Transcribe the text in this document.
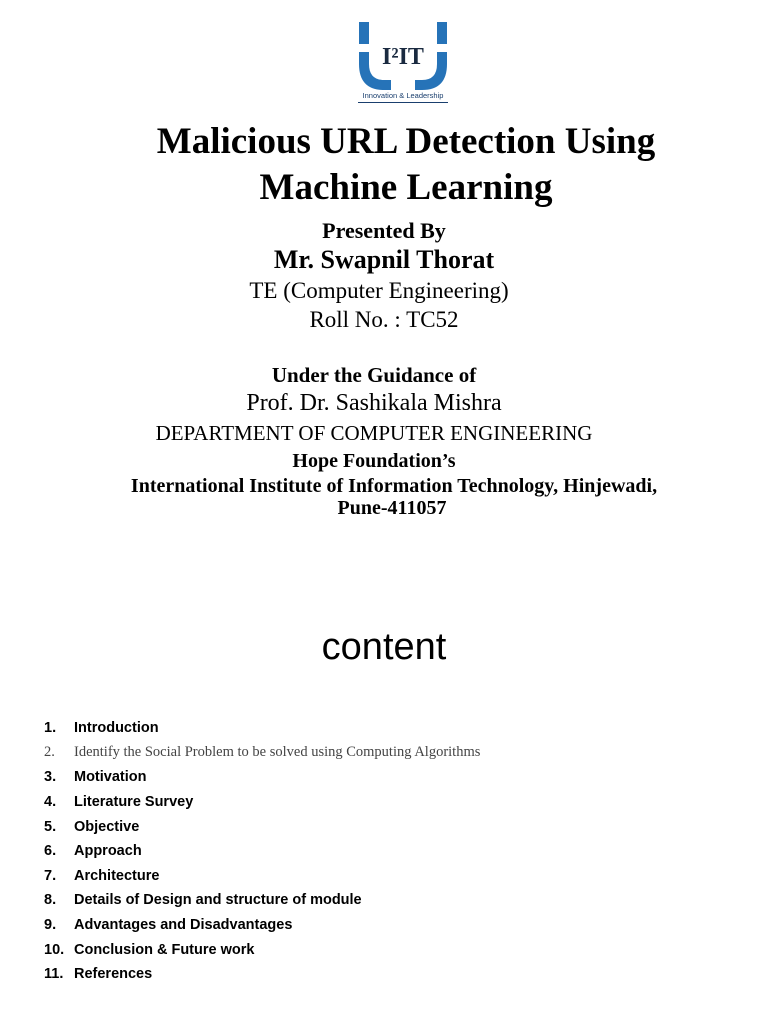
I²IT
Innovation & Leadership
Malicious URL Detection Using
Machine Learning
Presented By
Mr. Swapnil Thorat
TE (Computer Engineering)
Roll No. : TC52
Under the Guidance of
Prof. Dr. Sashikala Mishra
DEPARTMENT OF COMPUTER ENGINEERING
Hope Foundation’s
International Institute of Information Technology, Hinjewadi,
Pune-411057
content
1.	Introduction
2.	Identify the Social Problem to be solved using Computing Algorithms
3.	Motivation
4.	Literature Survey
5.	Objective
6.	Approach
7.	Architecture
8.	Details of Design and structure of module
9.	Advantages and Disadvantages
10. Conclusion & Future work
11. References
